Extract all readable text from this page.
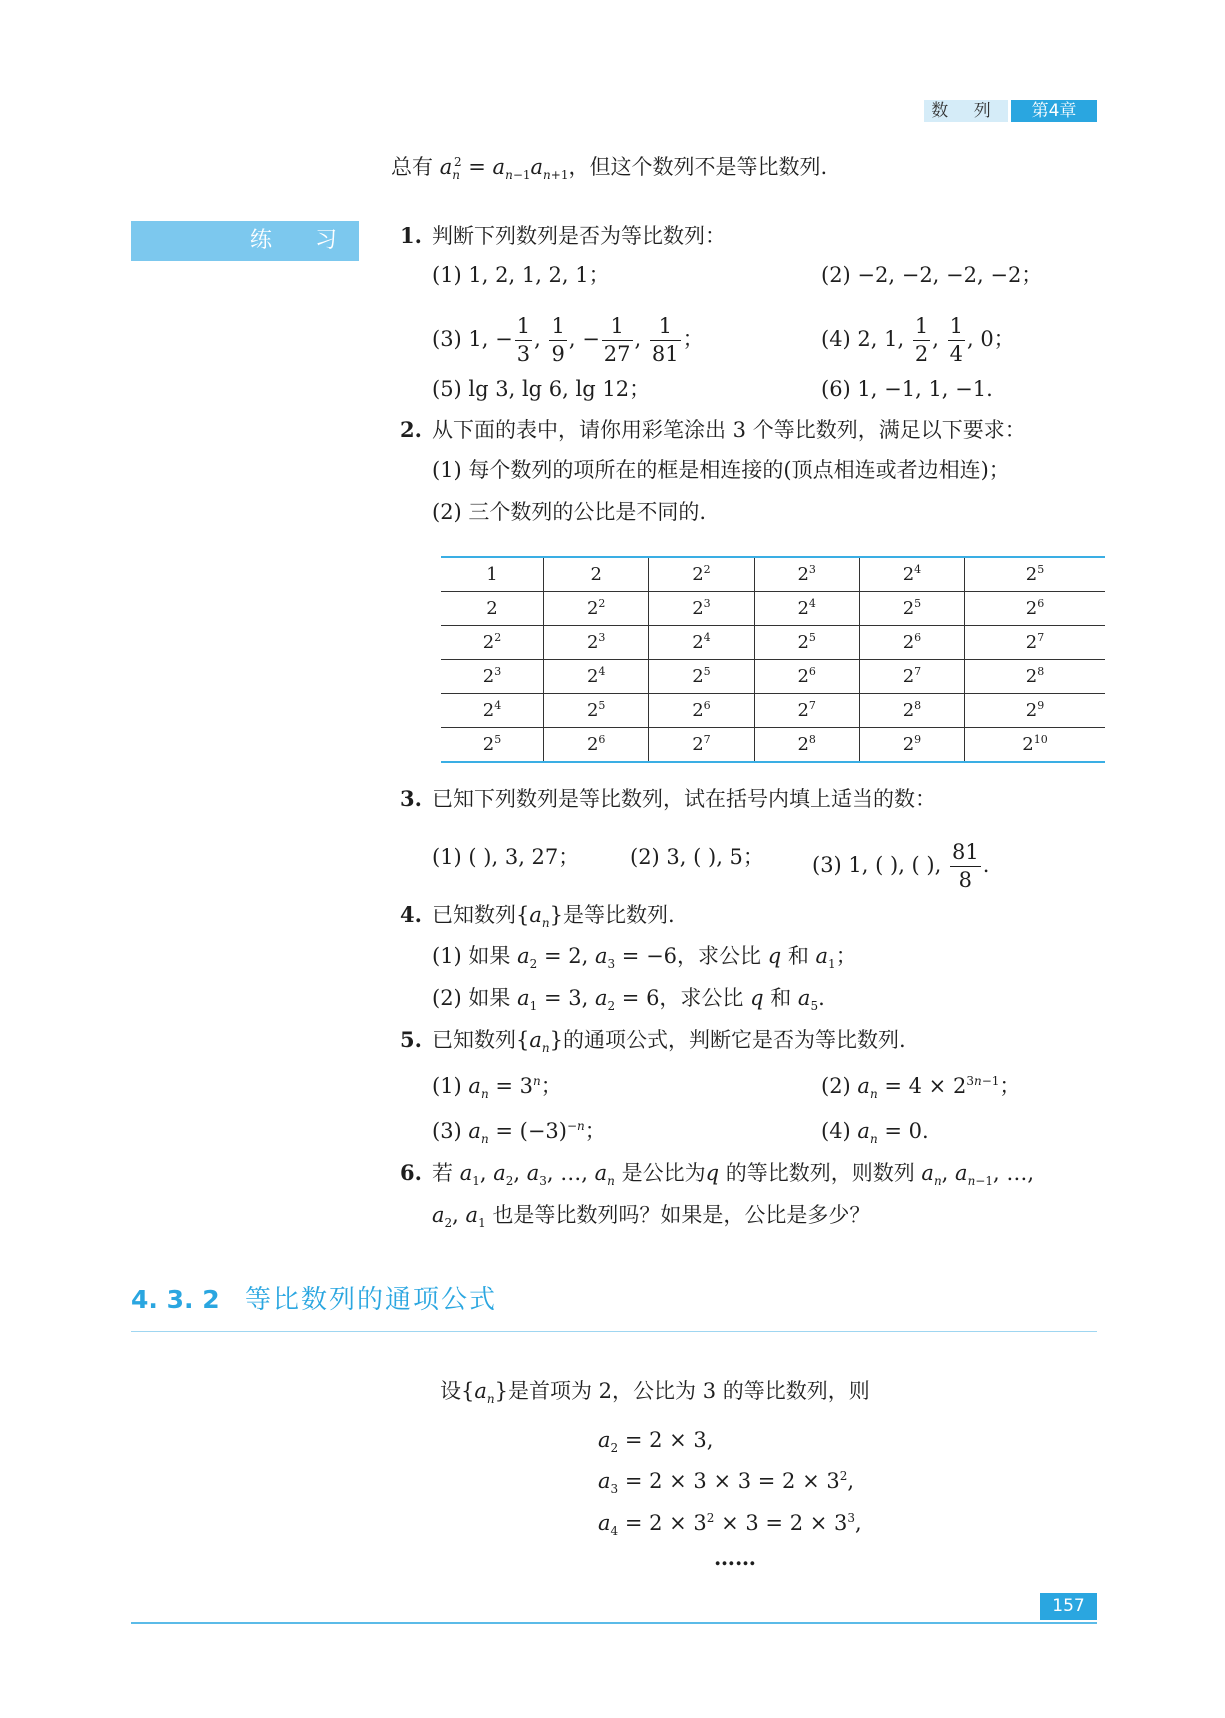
数 列	第4章
总有 $a_n^2 = a_{n-1}a_{n+1}$，但这个数列不是等比数列.
练 习 1. 判断下列数列是否为等比数列：
(1) 1, 2, 1, 2, 1；	(2) −2, −2, −2, −2；
(3) 1, − $\frac{1}{3}$ , $\frac{1}{9}$ , − $\frac{1}{27}$ , $\frac{1}{81}$ ；	(4) 2, 1, $\frac{1}{2}$ , $\frac{1}{4}$ , 0；
(5) lg 3, lg 6, lg 12；	(6) 1, −1, 1, −1.
2. 从下面的表中，请你用彩笔涂出 3 个等比数列，满足以下要求：
(1) 每个数列的项所在的框是相连接的(顶点相连或者边相连)；
(2) 三个数列的公比是不同的.
1	2	$2^2$	$2^3$	$2^4$	$2^5$
2	$2^2$	$2^3$	$2^4$	$2^5$	$2^6$
$2^2$	$2^3$	$2^4$	$2^5$	$2^6$	$2^7$
$2^3$	$2^4$	$2^5$	$2^6$	$2^7$	$2^8$
$2^4$	$2^5$	$2^6$	$2^7$	$2^8$	$2^9$
$2^5$	$2^6$	$2^7$	$2^8$	$2^9$	$2^{10}$
3. 已知下列数列是等比数列，试在括号内填上适当的数：
(1) ( ), 3, 27； (2) 3, ( ), 5； (3) 1, ( ), ( ), $\frac{81}{8}$ .
4. 已知数列$\{a_n\}$是等比数列.
(1) 如果 $a_2 = 2$, $a_3 = -6$，求公比 q 和 $a_1$；
(2) 如果 $a_1 = 3$, $a_2 = 6$，求公比 q 和 $a_5$.
5. 已知数列$\{a_n\}$的通项公式，判断它是否为等比数列.
(1) $a_n = 3^n$；	(2) $a_n = 4 \times 2^{3n-1}$；
(3) $a_n = (-3)^{-n}$；	(4) $a_n = 0$.
6. 若 $a_1$, $a_2$, $a_3$, …, $a_n$ 是公比为q 的等比数列，则数列 $a_n$, $a_{n-1}$, …,
$a_2$, $a_1$ 也是等比数列吗？如果是，公比是多少？
4. 3. 2 等比数列的通项公式
设$\{a_n\}$是首项为 2，公比为 3 的等比数列，则
$a_2 = 2 \times 3$,
$a_3 = 2 \times 3 \times 3 = 2 \times 3^2$,
$a_4 = 2 \times 3^2 \times 3 = 2 \times 3^3$,
……
157
